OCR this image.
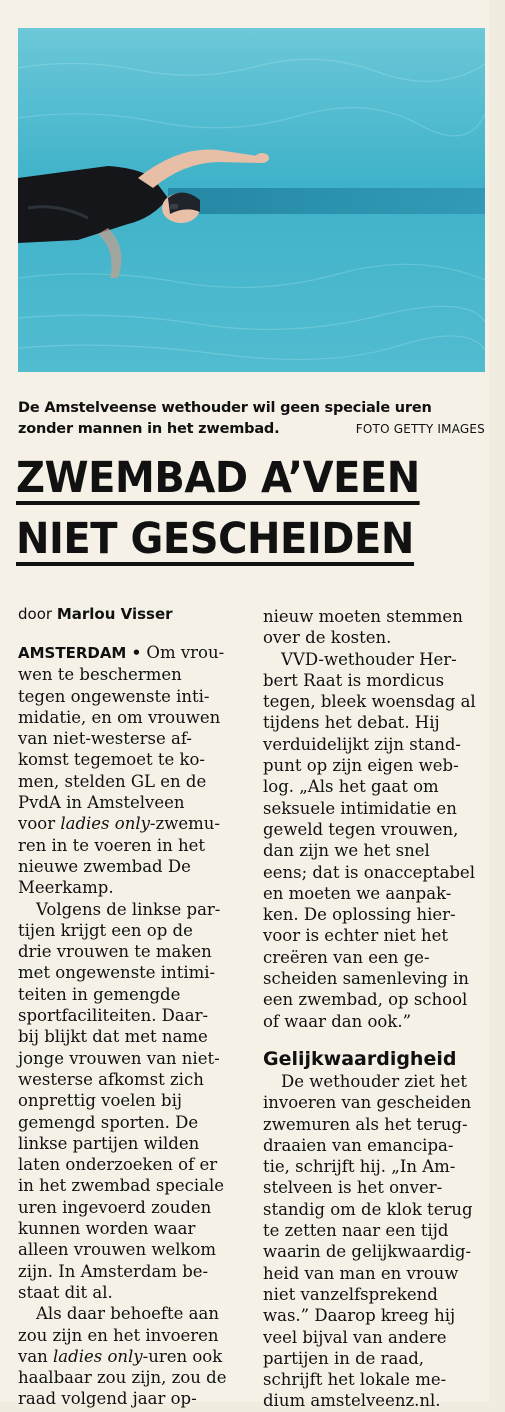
De Amstelveense wethouder wil geen speciale uren zonder mannen in het zwembad.	FOTO GETTY IMAGES
ZWEMBAD A’VEEN
NIET GESCHEIDEN

door Marlou Visser

AMSTERDAM • Om vrou-
wen te beschermen
tegen ongewenste inti-
midatie, en om vrouwen
van niet-westerse af-
komst tegemoet te ko-
men, stelden GL en de
PvdA in Amstelveen
voor ladies only-zwemu-
ren in te voeren in het
nieuwe zwembad De
Meerkamp.

Volgens de linkse par-
tijen krijgt een op de
drie vrouwen te maken
met ongewenste intimi-
teiten in gemengde
sportfaciliteiten. Daar-
bij blijkt dat met name
jonge vrouwen van niet-
westerse afkomst zich
onprettig voelen bij
gemengd sporten. De
linkse partijen wilden
laten onderzoeken of er
in het zwembad speciale
uren ingevoerd zouden
kunnen worden waar
alleen vrouwen welkom
zijn. In Amsterdam be-
staat dit al.

Als daar behoefte aan
zou zijn en het invoeren
van ladies only-uren ook
haalbaar zou zijn, zou de
raad volgend jaar op-

nieuw moeten stemmen
over de kosten.

VVD-wethouder Her-
bert Raat is mordicus
tegen, bleek woensdag al
tijdens het debat. Hij
verduidelijkt zijn stand-
punt op zijn eigen web-
log. „Als het gaat om
seksuele intimidatie en
geweld tegen vrouwen,
dan zijn we het snel
eens; dat is onacceptabel
en moeten we aanpak-
ken. De oplossing hier-
voor is echter niet het
creëren van een ge-
scheiden samenleving in
een zwembad, op school
of waar dan ook.”

Gelijkwaardigheid

De wethouder ziet het
invoeren van gescheiden
zwemuren als het terug-
draaien van emancipa-
tie, schrijft hij. „In Am-
stelveen is het onver-
standig om de klok terug
te zetten naar een tijd
waarin de gelijkwaardig-
heid van man en vrouw
niet vanzelfsprekend
was.” Daarop kreeg hij
veel bijval van andere
partijen in de raad,
schrijft het lokale me-
dium amstelveenz.nl.
